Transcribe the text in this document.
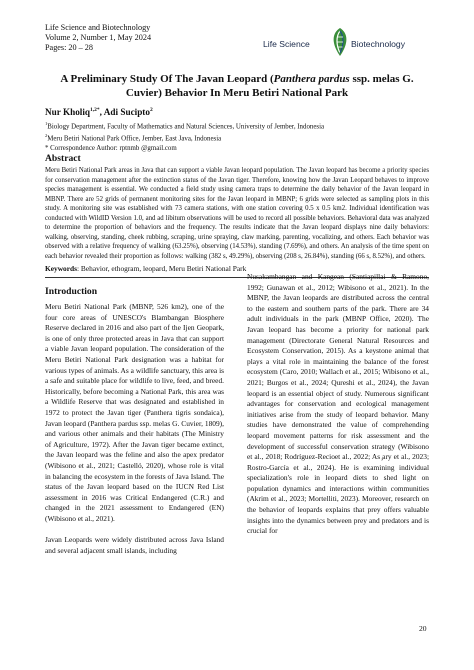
Life Science and Biotechnology
Volume 2, Number 1, May 2024
Pages: 20 – 28	Life Science	Biotechnology
A Preliminary Study Of The Javan Leopard (Panthera pardus ssp. melas G. Cuvier) Behavior In Meru Betiri National Park
Nur Kholiq$^{1,2*}$, Adi Sucipto$^2$
$^1$Biology Department, Faculty of Mathematics and Natural Sciences, University of Jember, Indonesia
$^2$Meru Betiri National Park Office, Jember, East Java, Indonesia
* Correspondence Author: rptnmb @gmail.com
Abstract
Meru Betiri National Park areas in Java that can support a viable Javan leopard population. The Javan leopard has become a priority species for conservation management after the extinction status of the Javan tiger. Therefore, knowing how the Javan Leopard behaves to improve species management is essential. We conducted a field study using camera traps to determine the daily behavior of the Javan leopard in MBNP. There are 52 grids of permanent monitoring sites for the Javan leopard in MBNP; 6 grids were selected as sampling plots in this study. A monitoring site was established with 73 camera stations, with one station covering 0.5 x 0.5 km2. Individual identification was conducted with WildID Version 1.0, and ad libitum observations will be used to record all possible behaviors. Behavioral data was analyzed to determine the proportion of behaviors and the frequency. The results indicate that the Javan leopard displays nine daily behaviors: walking, observing, standing, cheek rubbing, scraping, urine spraying, claw marking, parenting, vocalizing, and others. Each behavior was observed with a relative frequency of walking (63.25%), observing (14.53%), standing (7.69%), and others. An analysis of the time spent on each behavior revealed their proportion as follows: walking (382 s, 49.29%), observing (208 s, 26.84%), standing (66 s, 8.52%), and others.
Keywords: Behavior, ethogram, leopard, Meru Betiri National Park
Introduction

Meru Betiri National Park (MBNP, 526 km2), one of the four core areas of UNESCO's Blambangan Biosphere Reserve declared in 2016 and also part of the Ijen Geopark, is one of only three protected areas in Java that can support a viable Javan leopard population. The consideration of the Meru Betiri National Park designation was a habitat for various types of animals. As a wildlife sanctuary, this area is a safe and suitable place for wildlife to live, feed, and breed. Historically, before becoming a National Park, this area was a Wildlife Reserve that was designated and established in 1972 to protect the Javan tiger (Panthera tigris sondaica), Javan leopard (Panthera pardus ssp. melas G. Cuvier, 1809), and various other animals and their habitats (The Ministry of Agriculture, 1972). After the Javan tiger became extinct, the Javan leopard was the feline and also the apex predator (Wibisono et al., 2021; Castelló, 2020), whose role is vital in balancing the ecosystem in the forests of Java Island. The status of the Javan leopard based on the IUCN Red List assessment in 2016 was Critical Endangered (C.R.) and changed in the 2021 assessment to Endangered (EN) (Wibisono et al., 2021).

Javan Leopards were widely distributed across Java Island and several adjacent small islands, including

Nusakambangan and Kangean (Santiapillai & Ramono, 1992; Gunawan et al., 2012; Wibisono et al., 2021). In the MBNP, the Javan leopards are distributed across the central to the eastern and southern parts of the park. There are 34 adult individuals in the park (MBNP Office, 2020). The Javan leopard has become a priority for national park management (Directorate General Natural Resources and Ecosystem Conservation, 2015). As a keystone animal that plays a vital role in maintaining the balance of the forest ecosystem (Caro, 2010; Wallach et al., 2015; Wibisono et al., 2021; Burgos et al., 2024; Qureshi et al., 2024), the Javan leopard is an essential object of study. Numerous significant advantages for conservation and ecological management initiatives arise from the study of leopard behavior. Many studies have demonstrated the value of comprehending leopard movement patterns for risk assessment and the development of successful conservation strategy (Wibisono et al., 2018; Rodríguez‐Recioet al., 2022; As ̧ary et al., 2023; Rostro-García et al., 2024). He is examining individual specialization's role in leopard diets to shed light on population dynamics and interactions within communities (Akrim et al., 2023; Mortelliti, 2023). Moreover, research on the behavior of leopards explains that prey offers valuable insights into the dynamics between prey and predators and is crucial for

20
